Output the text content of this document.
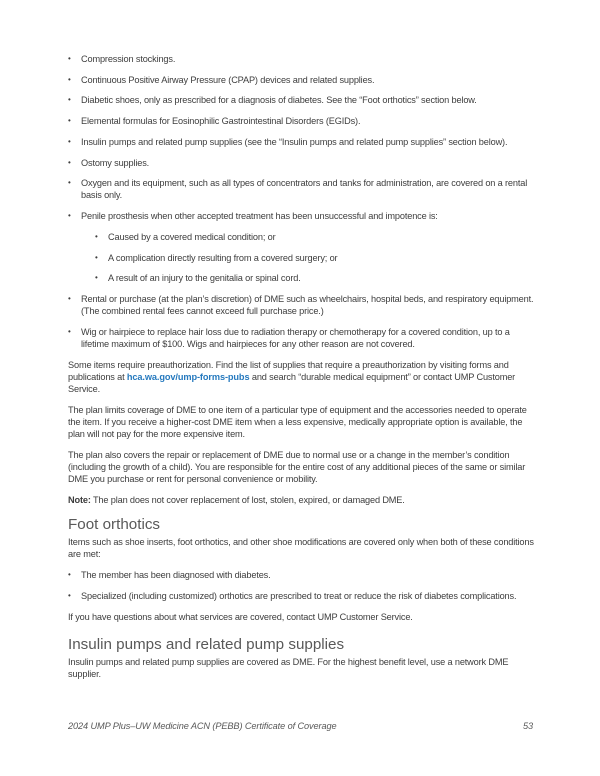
•	Compression stockings.
•	Continuous Positive Airway Pressure (CPAP) devices and related supplies.
•	Diabetic shoes, only as prescribed for a diagnosis of diabetes. See the “Foot orthotics” section below.
•	Elemental formulas for Eosinophilic Gastrointestinal Disorders (EGIDs).
•	Insulin pumps and related pump supplies (see the “Insulin pumps and related pump supplies” section below).
•	Ostomy supplies.
•	Oxygen and its equipment, such as all types of concentrators and tanks for administration, are covered on a rental basis only.
•	Penile prosthesis when other accepted treatment has been unsuccessful and impotence is:
•	Caused by a covered medical condition; or
•	A complication directly resulting from a covered surgery; or
•	A result of an injury to the genitalia or spinal cord.
•	Rental or purchase (at the plan’s discretion) of DME such as wheelchairs, hospital beds, and respiratory equipment. (The combined rental fees cannot exceed full purchase price.)
•	Wig or hairpiece to replace hair loss due to radiation therapy or chemotherapy for a covered condition, up to a lifetime maximum of $100. Wigs and hairpieces for any other reason are not covered.

Some items require preauthorization. Find the list of supplies that require a preauthorization by visiting forms and publications at hca.wa.gov/ump-forms-pubs and search “durable medical equipment” or contact UMP Customer Service.

The plan limits coverage of DME to one item of a particular type of equipment and the accessories needed to operate the item. If you receive a higher-cost DME item when a less expensive, medically appropriate option is available, the plan will not pay for the more expensive item.

The plan also covers the repair or replacement of DME due to normal use or a change in the member’s condition (including the growth of a child). You are responsible for the entire cost of any additional pieces of the same or similar DME you purchase or rent for personal convenience or mobility.

Note: The plan does not cover replacement of lost, stolen, expired, or damaged DME.

Foot orthotics

Items such as shoe inserts, foot orthotics, and other shoe modifications are covered only when both of these conditions are met:

•	The member has been diagnosed with diabetes.
•	Specialized (including customized) orthotics are prescribed to treat or reduce the risk of diabetes complications.

If you have questions about what services are covered, contact UMP Customer Service.

Insulin pumps and related pump supplies

Insulin pumps and related pump supplies are covered as DME. For the highest benefit level, use a network DME supplier.

2024 UMP Plus–UW Medicine ACN (PEBB) Certificate of Coverage	53
